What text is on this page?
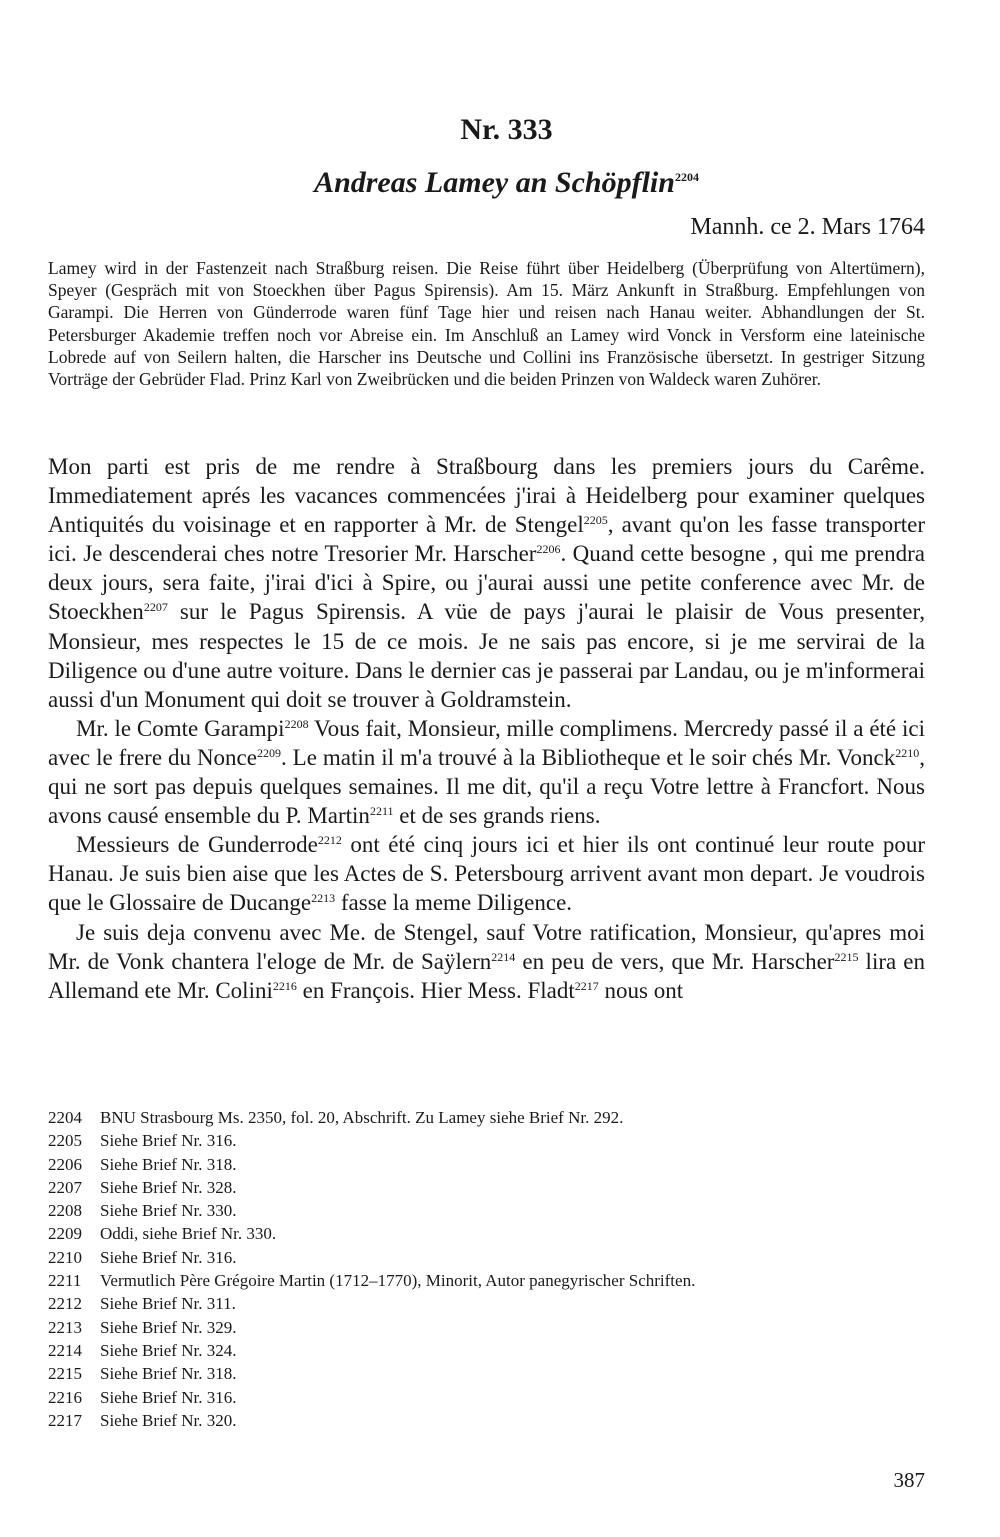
Nr. 333
Andreas Lamey an Schöpflin$^{2204}$

Mannh. ce 2. Mars 1764

Lamey wird in der Fastenzeit nach Straßburg reisen. Die Reise führt über Heidelberg (Überprüfung von Altertümern), Speyer (Gespräch mit von Stoeckhen über Pagus Spirensis). Am 15. März Ankunft in Straßburg. Empfehlungen von Garampi. Die Herren von Günderrode waren fünf Tage hier und reisen nach Hanau weiter. Abhandlungen der St. Petersburger Akademie treffen noch vor Abreise ein. Im Anschluß an Lamey wird Vonck in Versform eine lateinische Lobrede auf von Seilern halten, die Harscher ins Deutsche und Collini ins Französische übersetzt. In gestriger Sitzung Vorträge der Gebrüder Flad. Prinz Karl von Zweibrücken und die beiden Prinzen von Waldeck waren Zuhörer.

Mon parti est pris de me rendre à Straßbourg dans les premiers jours du Carême. Immediatement aprés les vacances commencées j'irai à Heidelberg pour examiner quelques Antiquités du voisinage et en rapporter à Mr. de Stengel$^{2205}$, avant qu'on les fasse transporter ici. Je descenderai ches notre Tresorier Mr. Harscher$^{2206}$. Quand cette besogne , qui me prendra deux jours, sera faite, j'irai d'ici à Spire, ou j'aurai aussi une petite conference avec Mr. de Stoeckhen$^{2207}$ sur le Pagus Spirensis. A vüe de pays j'aurai le plaisir de Vous presenter, Monsieur, mes respectes le 15 de ce mois. Je ne sais pas encore, si je me servirai de la Diligence ou d'une autre voiture. Dans le dernier cas je passerai par Landau, ou je m'informerai aussi d'un Monument qui doit se trouver à Goldramstein.

Mr. le Comte Garampi$^{2208}$ Vous fait, Monsieur, mille complimens. Mercredy passé il a été ici avec le frere du Nonce$^{2209}$. Le matin il m'a trouvé à la Bibliotheque et le soir chés Mr. Vonck$^{2210}$, qui ne sort pas depuis quelques semaines. Il me dit, qu'il a reçu Votre lettre à Francfort. Nous avons causé ensemble du P. Martin$^{2211}$ et de ses grands riens.

Messieurs de Gunderrode$^{2212}$ ont été cinq jours ici et hier ils ont continué leur route pour Hanau. Je suis bien aise que les Actes de S. Petersbourg arrivent avant mon depart. Je voudrois que le Glossaire de Ducange$^{2213}$ fasse la meme Diligence.

Je suis deja convenu avec Me. de Stengel, sauf Votre ratification, Monsieur, qu'apres moi Mr. de Vonk chantera l'eloge de Mr. de Saÿlern$^{2214}$ en peu de vers, que Mr. Harscher$^{2215}$ lira en Allemand ete Mr. Colini$^{2216}$ en François. Hier Mess. Fladt$^{2217}$ nous ont

2204 BNU Strasbourg Ms. 2350, fol. 20, Abschrift. Zu Lamey siehe Brief Nr. 292.
2205 Siehe Brief Nr. 316.
2206 Siehe Brief Nr. 318.
2207 Siehe Brief Nr. 328.
2208 Siehe Brief Nr. 330.
2209 Oddi, siehe Brief Nr. 330.
2210 Siehe Brief Nr. 316.
2211 Vermutlich Père Grégoire Martin (1712–1770), Minorit, Autor panegyrischer Schriften.
2212 Siehe Brief Nr. 311.
2213 Siehe Brief Nr. 329.
2214 Siehe Brief Nr. 324.
2215 Siehe Brief Nr. 318.
2216 Siehe Brief Nr. 316.
2217 Siehe Brief Nr. 320.
387
